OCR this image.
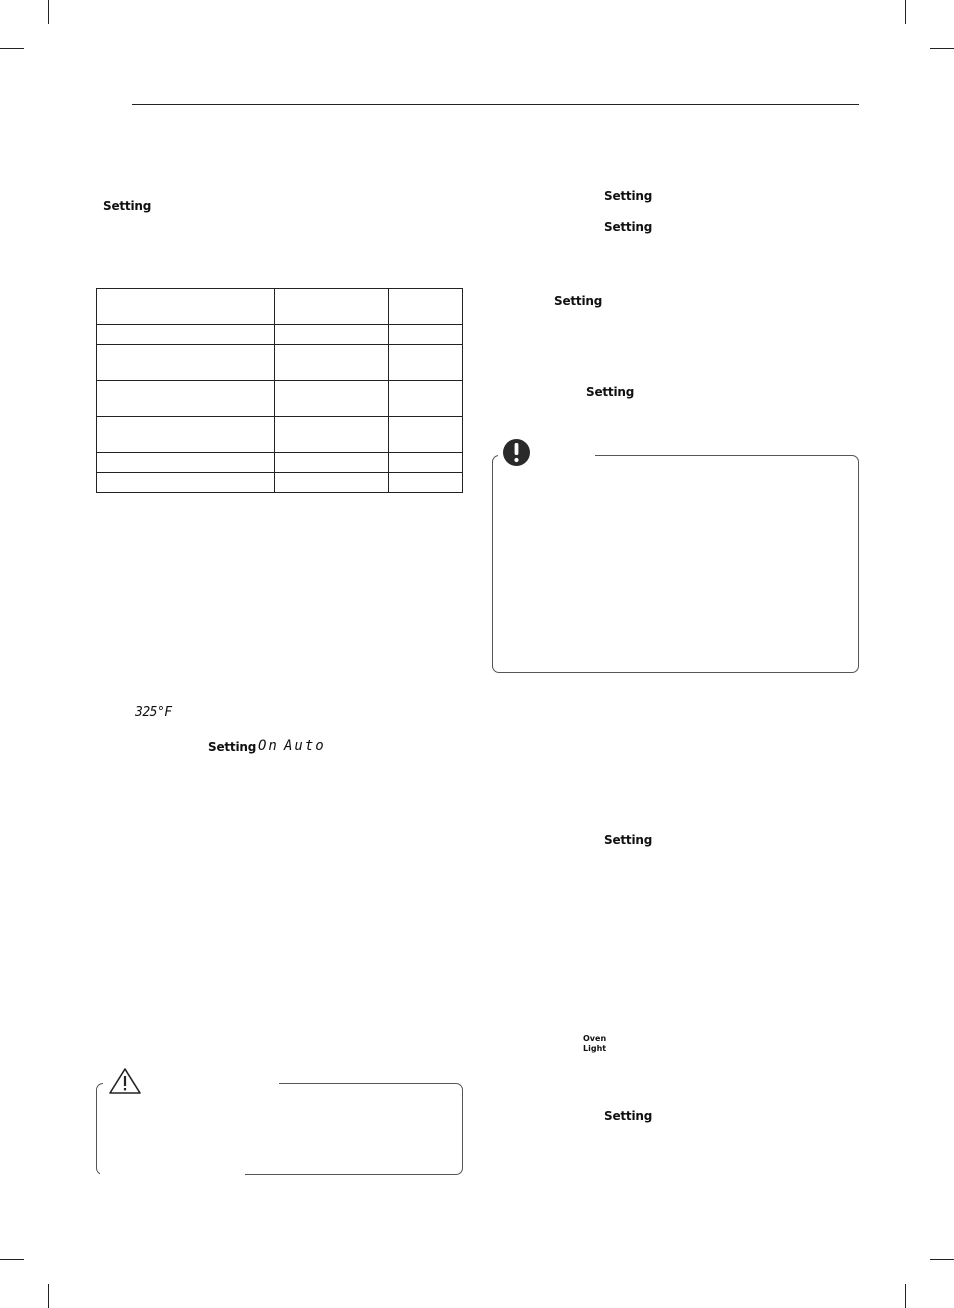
Setting

325°F
Setting On Auto
Setting
Setting
Setting
Setting
Setting
Oven
Light
Setting
